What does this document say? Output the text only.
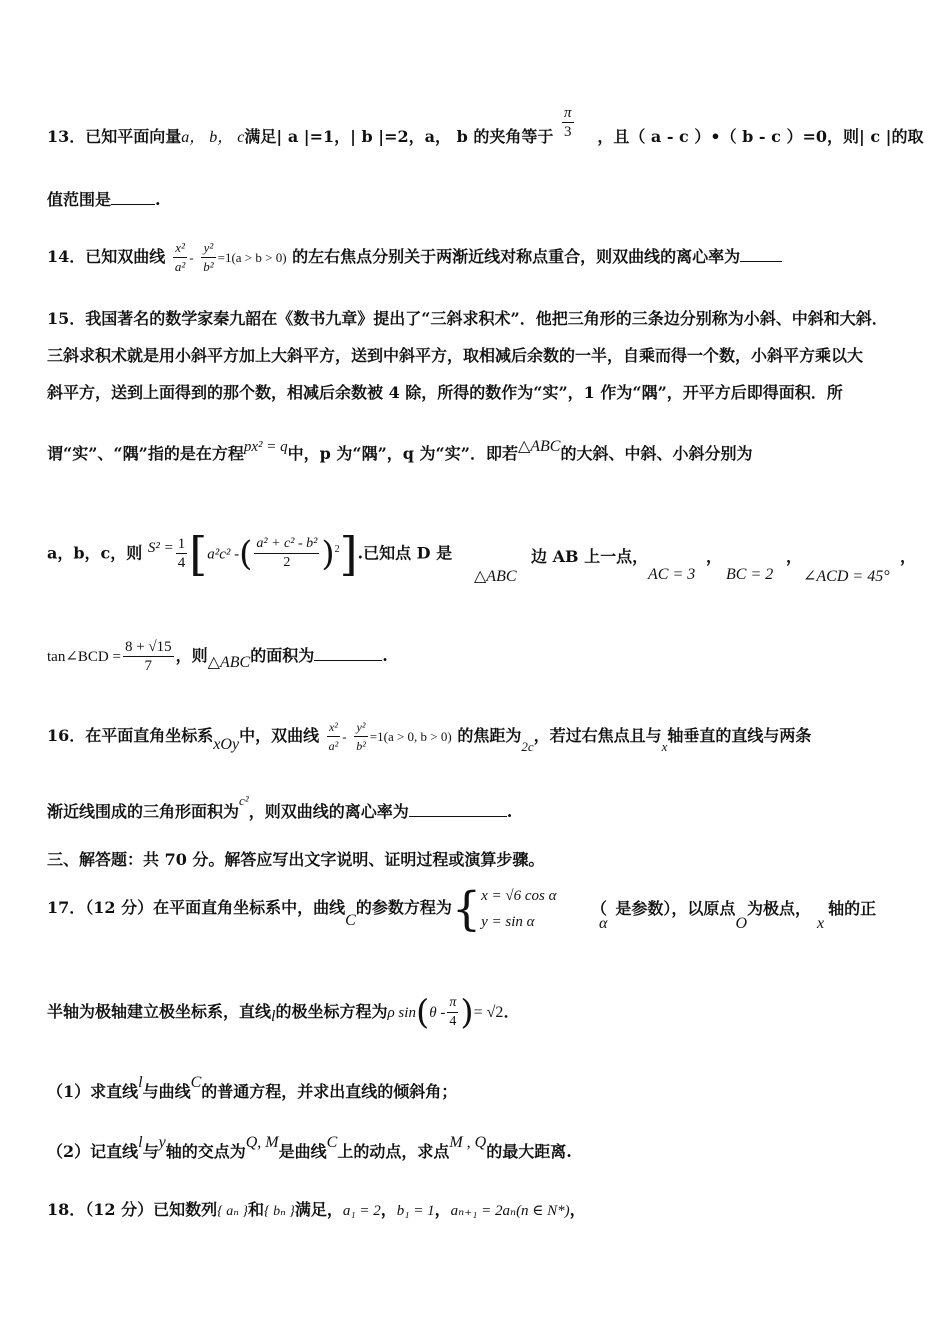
$\frac{\pi}{3}$
13．已知平面向量a， b， c满足| a |=1，| b |=2，a， b 的夹角等于	，且（ a - c ）•（ b - c ）=0，则| c |的取
值范围是	.
14．已知双曲线 $\frac{\text{x²}}{\text{a²}} - \frac{\text{y²}}{\text{b²}} =1(a > b > 0)$ 的左右焦点分别关于两渐近线对称点重合，则双曲线的离心率为
15．我国著名的数学家秦九韶在《数书九章》提出了“三斜求积术”．他把三角形的三条边分别称为小斜、中斜和大斜．
三斜求积术就是用小斜平方加上大斜平方，送到中斜平方，取相减后余数的一半，自乘而得一个数，小斜平方乘以大
斜平方，送到上面得到的那个数，相减后余数被 4 除，所得的数作为“实”，1 作为“隅”，开平方后即得面积．所
谓“实”、“隅”指的是在方程px² = q中，p 为“隅”，q 为“实”．即若△ABC的大斜、中斜、小斜分别为
a，b，c，则 $S^2 = \frac{1}{4} [a^2c^2$ -( $\frac{\text{a² + c² - b²}}{2} )^2$].已知点 D 是
△ABC
边 AB 上一点，	，	，	，
AC = 3 BC = 2 ∠ACD = 45°
tan∠BCD = $\frac{8 + √15}{7}$ ，则△ABC的面积为	.
16．在平面直角坐标系xOy中，双曲线 $\frac{\text{x²}}{\text{a²}} - \frac{\text{y²}}{\text{b²}} =1(a > 0$, b > 0) 的焦距为$_{2c}$，若过右焦点且与$_x$轴垂直的直线与两条
渐近线围成的三角形面积为$^{c^2}$，则双曲线的离心率为	.
三、解答题：共 70 分。解答应写出文字说明、证明过程或演算步骤。
17．（12 分）在平面直角坐标系中，曲线C的参数方程为{ x = √6 cos α
y = sin α
（α是参数），以原点O为极点，x轴的正
半轴为极轴建立极坐标系，直线l的极坐标方程为ρ $\sin(\theta - \frac{\pi}{4}$ )= √2．
（1）求直线l与曲线C的普通方程，并求出直线的倾斜角；
（2）记直线l与y轴的交点为Q, M是曲线C上的动点，求点M , Q的最大距离.
18．（12 分）已知数列{ aₙ }和{ bₙ }满足，a₁ = 2，b₁ = 1，aₙ₊₁ = 2aₙ(n ∈ N*)，
